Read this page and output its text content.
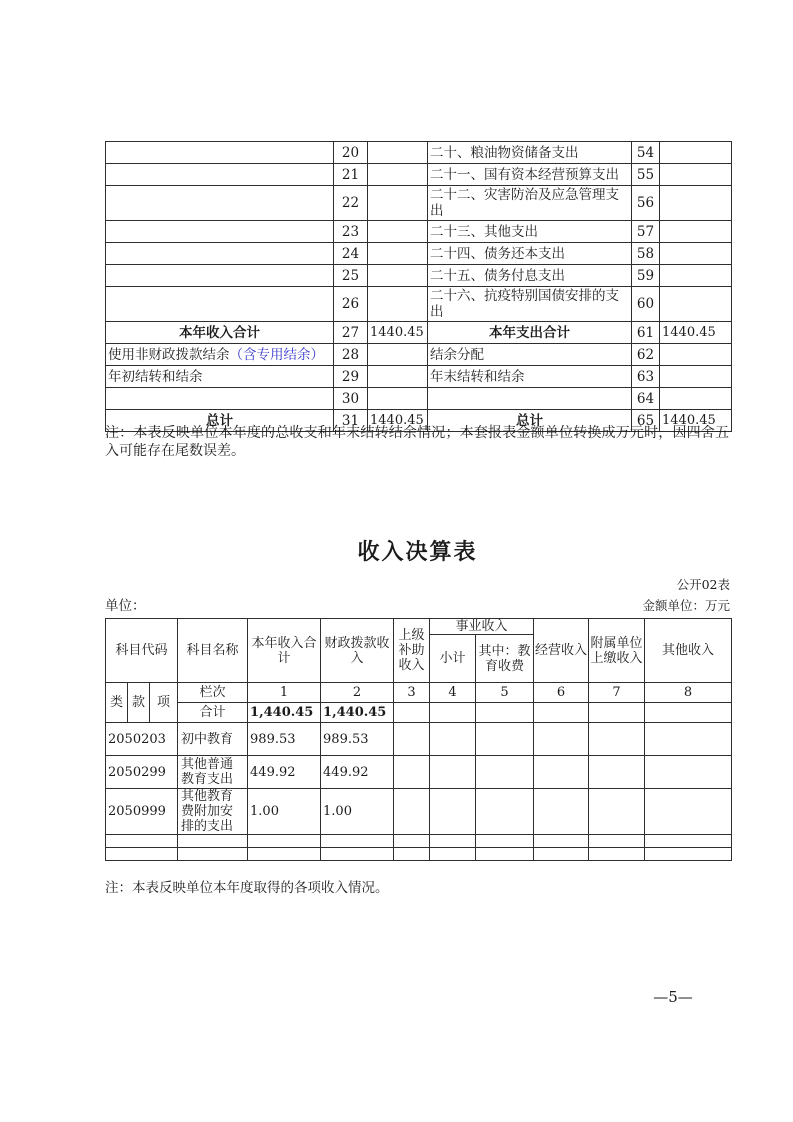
	20		二十、粮油物资储备支出	54	
	21		二十一、国有资本经营预算支出	55	
	22		二十二、灾害防治及应急管理支出	56	
	23		二十三、其他支出	57	
	24		二十四、债务还本支出	58	
	25		二十五、债务付息支出	59	
	26		二十六、抗疫特别国债安排的支出	60	
本年收入合计	27	1440.45	本年支出合计	61	1440.45
使用非财政拨款结余（含专用结余）	28		结余分配	62	
年初结转和结余	29		年末结转和结余	63	
	30			64	
总计	31	1440.45	总计	65	1440.45
注：本表反映单位本年度的总收支和年末结转结余情况；本套报表金额单位转换成万元时，因四舍五入可能存在尾数误差。
收入决算表
公开02表
单位：	金额单位：万元
科目代码			科目名称	本年收入合计	财政拨款收入	上级补助收入	事业收入		经营收入	附属单位上缴收入	其他收入
							小计	其中：教育收费			
类	款	项	栏次	1	2	3	4	5	6	7	8
			合计	1,440.45	1,440.45						
2050203			初中教育	989.53	989.53						
2050299			其他普通教育支出	449.92	449.92						
2050999			其他教育费附加安排的支出	1.00	1.00						

注：本表反映单位本年度取得的各项收入情况。
—5—
